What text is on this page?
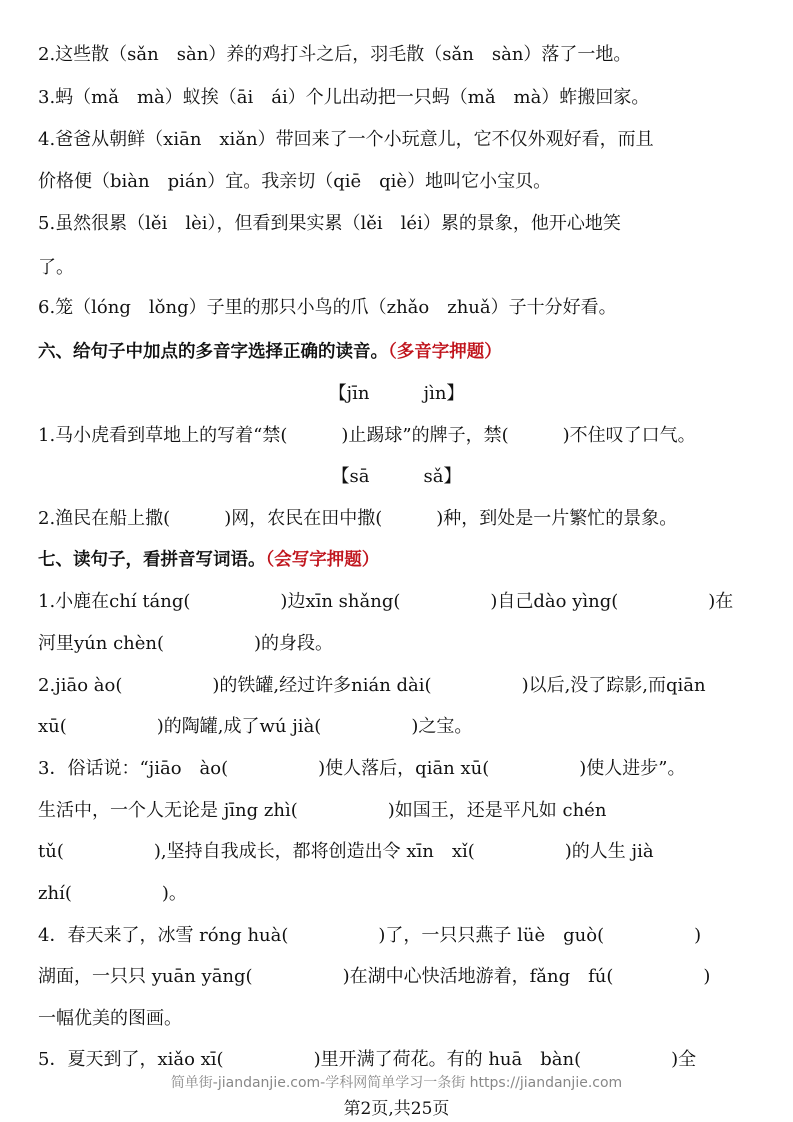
2.这些散（sǎn　sàn）养的鸡打斗之后，羽毛散（sǎn　sàn）落了一地。
3.蚂（mǎ　mà）蚁挨（āi　ái）个儿出动把一只蚂（mǎ　mà）蚱搬回家。
4.爸爸从朝鲜（xiān　xiǎn）带回来了一个小玩意儿，它不仅外观好看，而且
价格便（biàn　pián）宜。我亲切（qiē　qiè）地叫它小宝贝。
5.虽然很累（lěi　lèi），但看到果实累（lěi　léi）累的景象，他开心地笑
了。
6.笼（lóng　lǒng）子里的那只小鸟的爪（zhǎo　zhuǎ）子十分好看。
六、给句子中加点的多音字选择正确的读音。（多音字押题）
【jīn　　　jìn】
1.马小虎看到草地上的写着“禁(　　　)止踢球”的牌子，禁(　　　)不住叹了口气。
【sā　　　sǎ】
2.渔民在船上撒(　　　)网，农民在田中撒(　　　)种，到处是一片繁忙的景象。
七、读句子，看拼音写词语。（会写字押题）
1.小鹿在chí táng(　　　　　)边xīn shǎng(　　　　　)自己dào yìng(　　　　　)在
河里yún chèn(　　　　　)的身段。
2.jiāo ào(　　　　　)的铁罐,经过许多nián dài(　　　　　)以后,没了踪影,而qiān
xū(　　　　　)的陶罐,成了wú jià(　　　　　)之宝。
3．俗话说：“jiāo　ào(　　　　　)使人落后，qiān xū(　　　　　)使人进步”。
生活中，一个人无论是 jīng zhì(　　　　　)如国王，还是平凡如 chén
tǔ(　　　　　),坚持自我成长，都将创造出令 xīn　xǐ(　　　　　)的人生 jià
zhí(　　　　　)。
4．春天来了，冰雪 róng huà(　　　　　)了，一只只燕子 lüè　guò(　　　　　)
湖面，一只只 yuān yāng(　　　　　)在湖中心快活地游着，fǎng　fú(　　　　　)
一幅优美的图画。
5．夏天到了，xiǎo xī(　　　　　)里开满了荷花。有的 huā　bàn(　　　　　)全
简单街-jiandanjie.com-学科网简单学习一条街 https://jiandanjie.com
第2页,共25页
